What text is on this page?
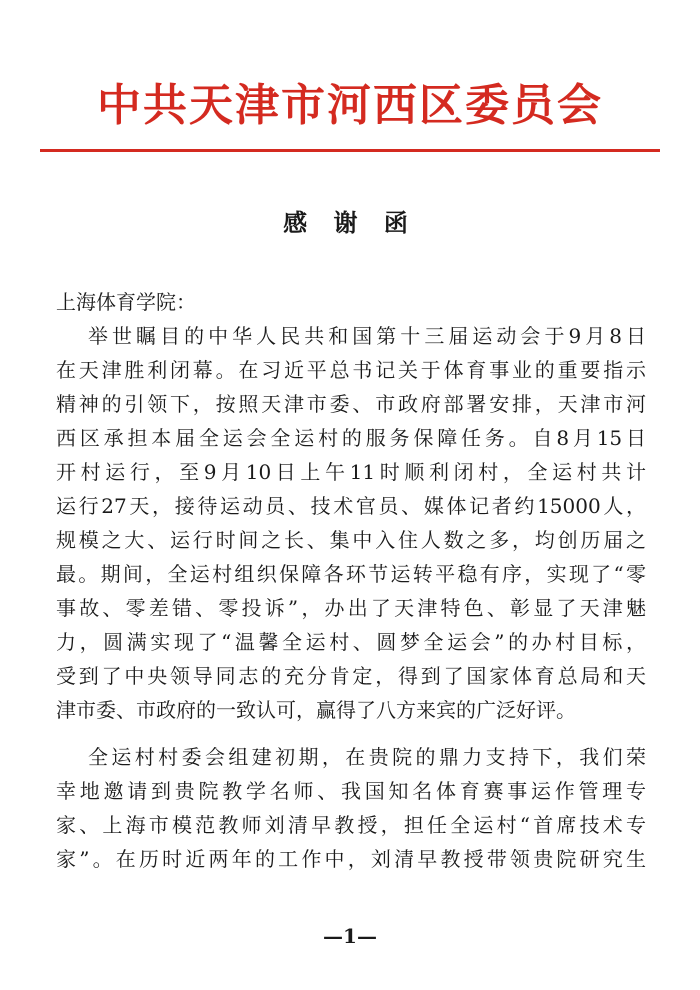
中共天津市河西区委员会
感 谢 函
上海体育学院：
举世瞩目的中华人民共和国第十三届运动会于9月8日
在天津胜利闭幕。在习近平总书记关于体育事业的重要指示
精神的引领下，按照天津市委、市政府部署安排，天津市河
西区承担本届全运会全运村的服务保障任务。自8月15日
开村运行，至9月10日上午11时顺利闭村，全运村共计
运行27天，接待运动员、技术官员、媒体记者约15000人，
规模之大、运行时间之长、集中入住人数之多，均创历届之
最。期间，全运村组织保障各环节运转平稳有序，实现了“零
事故、零差错、零投诉”，办出了天津特色、彰显了天津魅
力，圆满实现了“温馨全运村、圆梦全运会”的办村目标，
受到了中央领导同志的充分肯定，得到了国家体育总局和天
津市委、市政府的一致认可，赢得了八方来宾的广泛好评。
全运村村委会组建初期，在贵院的鼎力支持下，我们荣
幸地邀请到贵院教学名师、我国知名体育赛事运作管理专
家、上海市模范教师刘清早教授，担任全运村“首席技术专
家”。在历时近两年的工作中，刘清早教授带领贵院研究生
—1—
